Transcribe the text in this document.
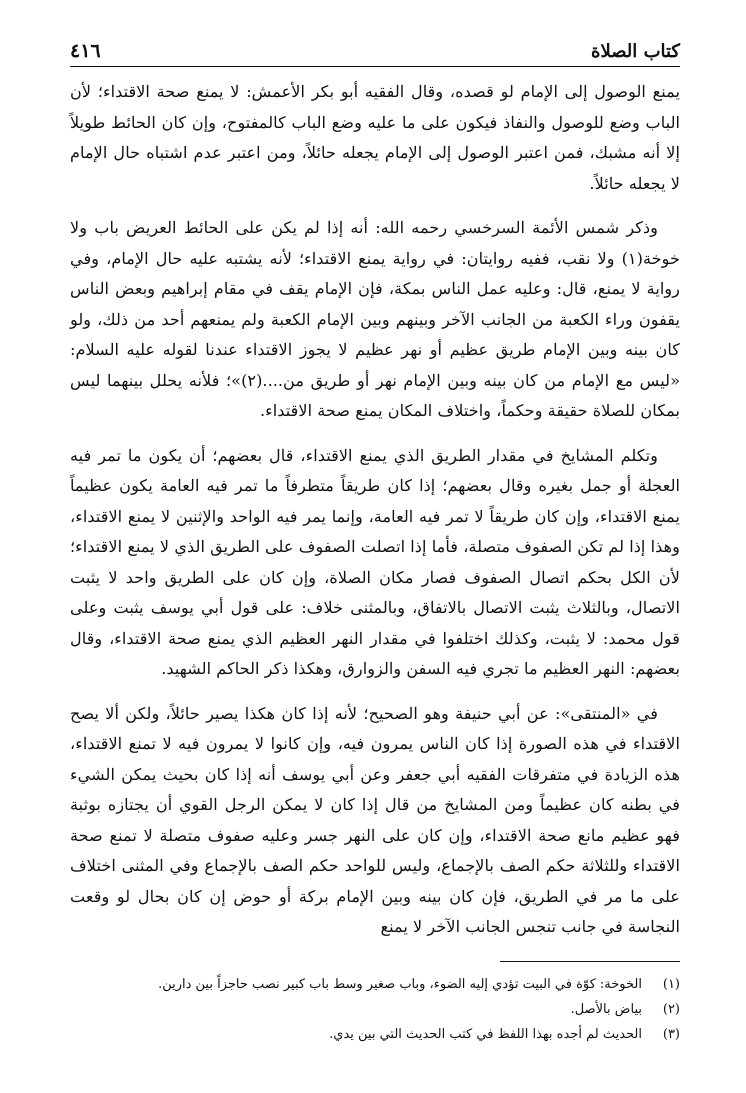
كتاب الصلاة
٤١٦

يمنع الوصول إلى الإمام لو قصده، وقال الفقيه أبو بكر الأعمش: لا يمنع صحة الاقتداء؛ لأن الباب وضع للوصول والنفاذ فيكون على ما عليه وضع الباب كالمفتوح، وإن كان الحائط طويلاً إلا أنه مشبك، فمن اعتبر الوصول إلى الإمام يجعله حائلاً، ومن اعتبر عدم اشتباه حال الإمام لا يجعله حائلاً.

وذكر شمس الأئمة السرخسي رحمه الله: أنه إذا لم يكن على الحائط العريض باب ولا خوخة(١) ولا نقب، ففيه روايتان: في رواية يمنع الاقتداء؛ لأنه يشتبه عليه حال الإمام، وفي رواية لا يمنع، قال: وعليه عمل الناس بمكة، فإن الإمام يقف في مقام إبراهيم وبعض الناس يقفون وراء الكعبة من الجانب الآخر وبينهم وبين الإمام الكعبة ولم يمنعهم أحد من ذلك، ولو كان بينه وبين الإمام طريق عظيم أو نهر عظيم لا يجوز الاقتداء عندنا لقوله عليه السلام: «ليس مع الإمام من كان بينه وبين الإمام نهر أو طريق من....(٢)»؛ فلأنه يحلل بينهما ليس بمكان للصلاة حقيقة وحكماً، واختلاف المكان يمنع صحة الاقتداء.

وتكلم المشايخ في مقدار الطريق الذي يمنع الاقتداء، قال بعضهم؛ أن يكون ما تمر فيه العجلة أو جمل بغيره وقال بعضهم؛ إذا كان طريقاً متطرفاً ما تمر فيه العامة يكون عظيماً يمنع الاقتداء، وإن كان طريقاً لا تمر فيه العامة، وإنما يمر فيه الواحد والإثنين لا يمنع الاقتداء، وهذا إذا لم تكن الصفوف متصلة، فأما إذا اتصلت الصفوف على الطريق الذي لا يمنع الاقتداء؛ لأن الكل بحكم اتصال الصفوف فصار مكان الصلاة، وإن كان على الطريق واحد لا يثبت الاتصال، وبالثلاث يثبت الاتصال بالاتفاق، وبالمثنى خلاف: على قول أبي يوسف يثبت وعلى قول محمد: لا يثبت، وكذلك اختلفوا في مقدار النهر العظيم الذي يمنع صحة الاقتداء، وقال بعضهم: النهر العظيم ما تجري فيه السفن والزوارق، وهكذا ذكر الحاكم الشهيد.

في «المنتقى»: عن أبي حنيفة وهو الصحيح؛ لأنه إذا كان هكذا يصير حائلاً، ولكن ألا يصح الاقتداء في هذه الصورة إذا كان الناس يمرون فيه، وإن كانوا لا يمرون فيه لا تمنع الاقتداء، هذه الزيادة في متفرقات الفقيه أبي جعفر وعن أبي يوسف أنه إذا كان بحيث يمكن الشيء في بطنه كان عظيماً ومن المشايخ من قال إذا كان لا يمكن الرجل القوي أن يجتازه بوثبة فهو عظيم مانع صحة الاقتداء، وإن كان على النهر جسر وعليه صفوف متصلة لا تمنع صحة الاقتداء وللثلاثة حكم الصف بالإجماع، وليس للواحد حكم الصف بالإجماع وفي المثنى اختلاف على ما مر في الطريق، فإن كان بينه وبين الإمام بركة أو حوض إن كان بحال لو وقعت النجاسة في جانب تنجس الجانب الآخر لا يمنع

(١)
الخوخة: كوّة في البيت تؤدي إليه الضوء، وباب صغير وسط باب كبير نصب حاجزاً بين دارين.
(٢)
بياض بالأصل.
(٣)
الحديث لم أجده بهذا اللفظ في كتب الحديث التي بين يدي.
